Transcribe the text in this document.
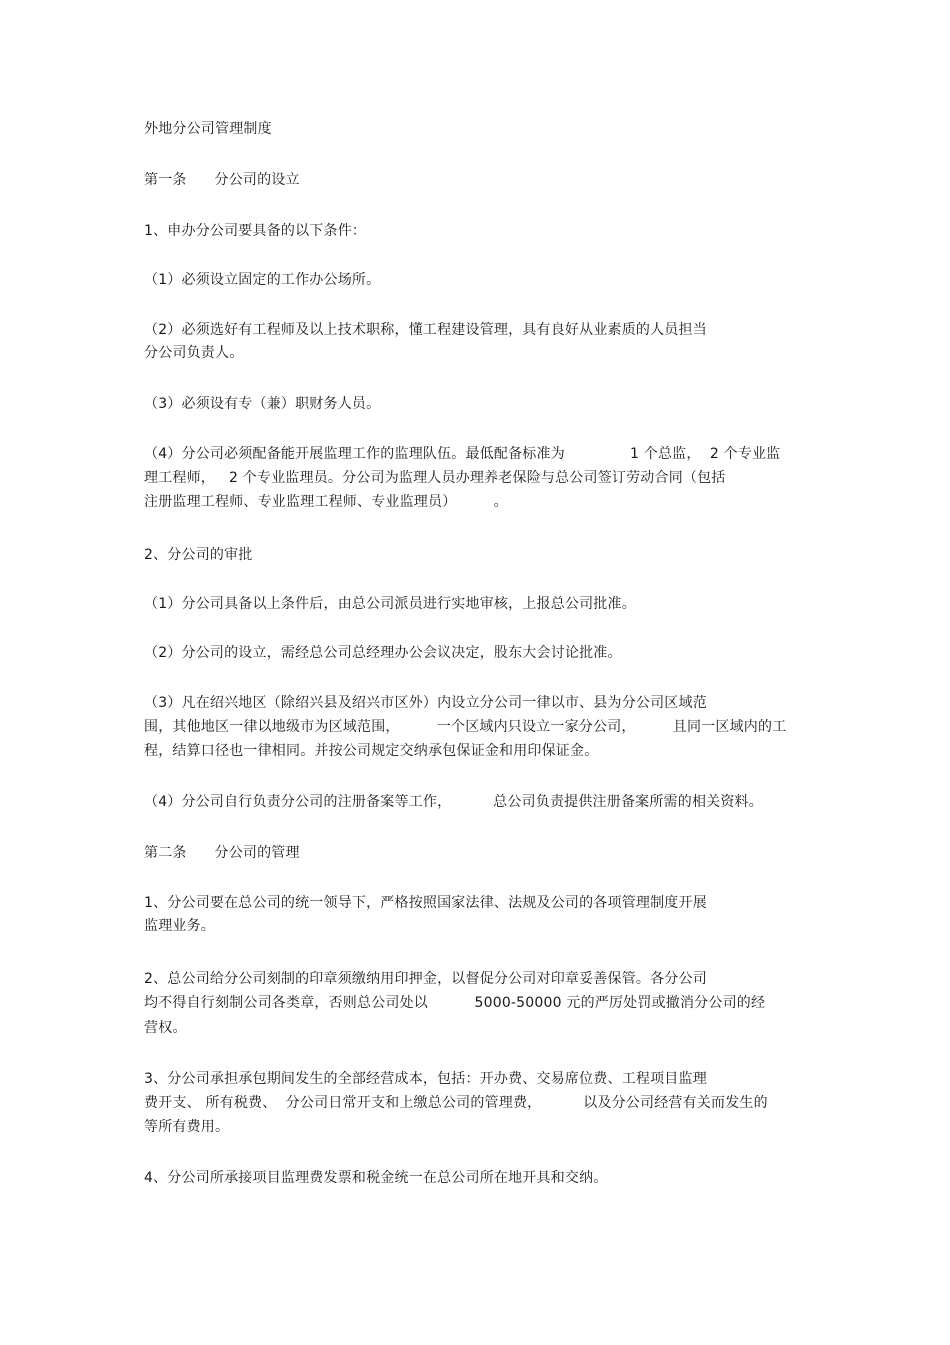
外地分公司管理制度
第一条      分公司的设立
1、申办分公司要具备的以下条件：
（1）必须设立固定的工作办公场所。
（2）必须选好有工程师及以上技术职称，懂工程建设管理，具有良好从业素质的人员担当
分公司负责人。
（3）必须设有专（兼）职财务人员。
（4）分公司必须配备能开展监理工作的监理队伍。最低配备标准为              1 个总监，  2 个专业监
理工程师，   2 个专业监理员。分公司为监理人员办理养老保险与总公司签订劳动合同（包括
注册监理工程师、专业监理工程师、专业监理员）        。
2、分公司的审批
（1）分公司具备以上条件后，由总公司派员进行实地审核，上报总公司批准。
（2）分公司的设立，需经总公司总经理办公会议决定，股东大会讨论批准。
（3）凡在绍兴地区（除绍兴县及绍兴市区外）内设立分公司一律以市、县为分公司区域范
围，其他地区一律以地级市为区域范围，        一个区域内只设立一家分公司，        且同一区域内的工
程，结算口径也一律相同。并按公司规定交纳承包保证金和用印保证金。
（4）分公司自行负责分公司的注册备案等工作，         总公司负责提供注册备案所需的相关资料。
第二条      分公司的管理
1、分公司要在总公司的统一领导下，严格按照国家法律、法规及公司的各项管理制度开展
监理业务。
2、总公司给分公司刻制的印章须缴纳用印押金，以督促分公司对印章妥善保管。各分公司
均不得自行刻制公司各类章，否则总公司处以          5000-50000 元的严厉处罚或撤消分公司的经
营权。
3、分公司承担承包期间发生的全部经营成本，包括：开办费、交易席位费、工程项目监理
费开支、 所有税费、  分公司日常开支和上缴总公司的管理费，         以及分公司经营有关而发生的
等所有费用。
4、分公司所承接项目监理费发票和税金统一在总公司所在地开具和交纳。
